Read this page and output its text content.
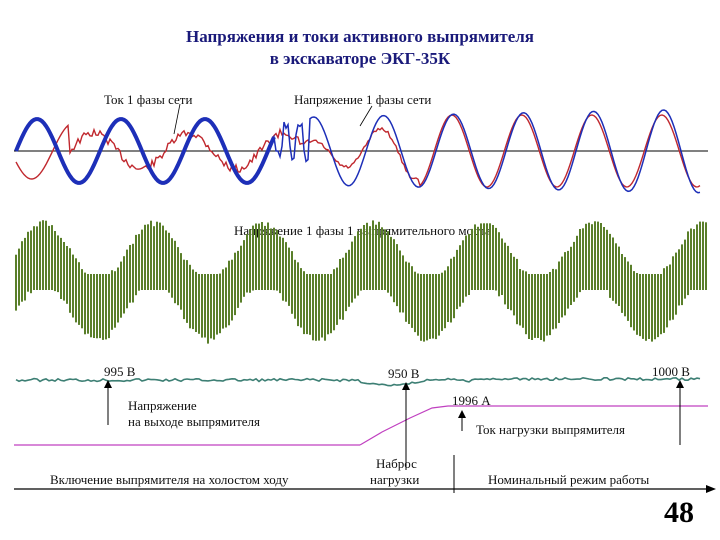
Напряжения и токи активного выпрямителя
в экскаваторе ЭКГ-35К
Ток 1 фазы сети	Напряжение 1 фазы сети
Напряжение 1 фазы 1 выпрямительного моста
995 В	950 В	1000 В
Напряжение
на выходе выпрямителя
1996 А
Ток нагрузки выпрямителя
Включение выпрямителя на холостом ходу
Наброс
нагрузки	Номинальный режим работы
48
